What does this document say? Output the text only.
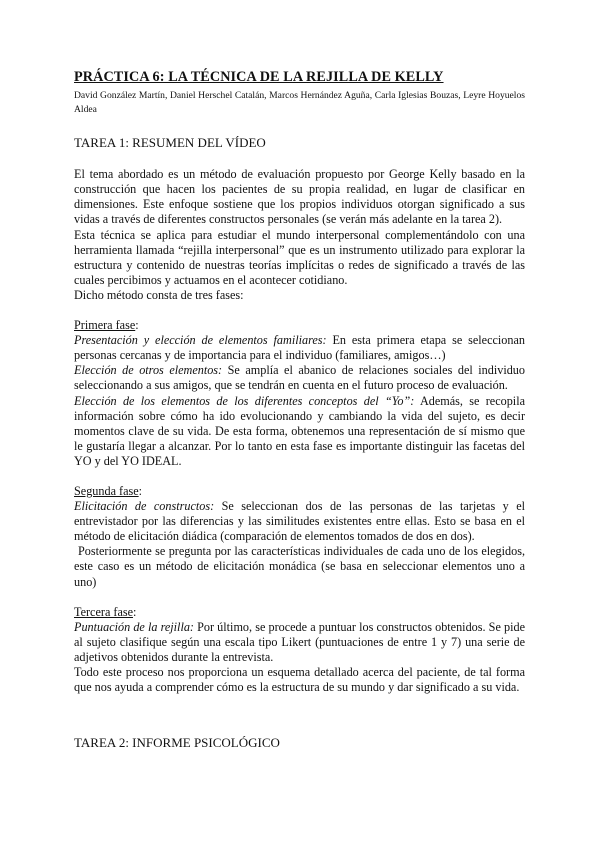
PRÁCTICA 6: LA TÉCNICA DE LA REJILLA DE KELLY

David González Martín, Daniel Herschel Catalán, Marcos Hernández Aguña, Carla Iglesias Bouzas, Leyre Hoyuelos Aldea

TAREA 1: RESUMEN DEL VÍDEO

El tema abordado es un método de evaluación propuesto por George Kelly basado en la construcción que hacen los pacientes de su propia realidad, en lugar de clasificar en dimensiones. Este enfoque sostiene que los propios individuos otorgan significado a sus vidas a través de diferentes constructos personales (se verán más adelante en la tarea 2).

Esta técnica se aplica para estudiar el mundo interpersonal complementándolo con una herramienta llamada “rejilla interpersonal” que es un instrumento utilizado para explorar la estructura y contenido de nuestras teorías implícitas o redes de significado a través de las cuales percibimos y actuamos en el acontecer cotidiano.

Dicho método consta de tres fases:

Primera fase:

Presentación y elección de elementos familiares: En esta primera etapa se seleccionan personas cercanas y de importancia para el individuo (familiares, amigos…)

Elección de otros elementos: Se amplía el abanico de relaciones sociales del individuo seleccionando a sus amigos, que se tendrán en cuenta en el futuro proceso de evaluación.

Elección de los elementos de los diferentes conceptos del “Yo”: Además, se recopila información sobre cómo ha ido evolucionando y cambiando la vida del sujeto, es decir momentos clave de su vida. De esta forma, obtenemos una representación de sí mismo que le gustaría llegar a alcanzar. Por lo tanto en esta fase es importante distinguir las facetas del YO y del YO IDEAL.

Segunda fase:

Elicitación de constructos: Se seleccionan dos de las personas de las tarjetas y el entrevistador por las diferencias y las similitudes existentes entre ellas. Esto se basa en el método de elicitación diádica (comparación de elementos tomados de dos en dos).

Posteriormente se pregunta por las características individuales de cada uno de los elegidos, este caso es un método de elicitación monádica (se basa en seleccionar elementos uno a uno)

Tercera fase:

Puntuación de la rejilla: Por último, se procede a puntuar los constructos obtenidos. Se pide al sujeto clasifique según una escala tipo Likert (puntuaciones de entre 1 y 7) una serie de adjetivos obtenidos durante la entrevista.

Todo este proceso nos proporciona un esquema detallado acerca del paciente, de tal forma que nos ayuda a comprender cómo es la estructura de su mundo y dar significado a su vida.

TAREA 2: INFORME PSICOLÓGICO
